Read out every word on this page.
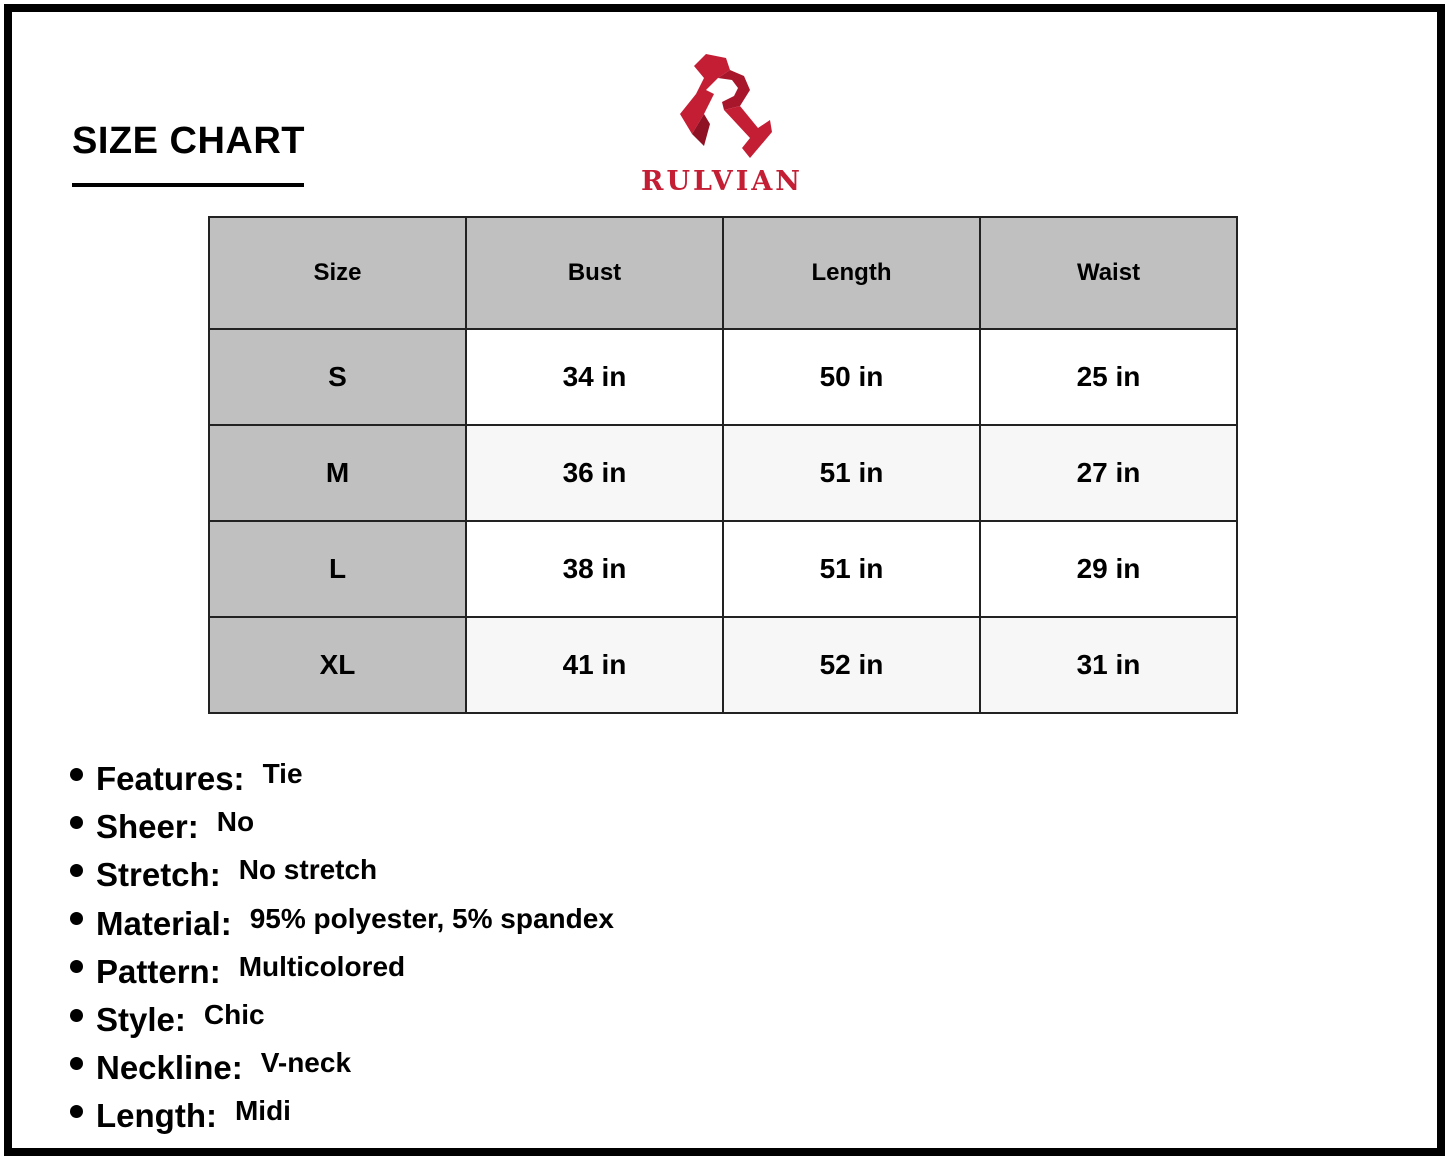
SIZE CHART
RULVIAN
Size	Bust	Length	Waist
S	34 in	50 in	25 in
M	36 in	51 in	27 in
L	38 in	51 in	29 in
XL	41 in	52 in	31 in
Features: Tie
Sheer: No
Stretch: No stretch
Material: 95% polyester, 5% spandex
Pattern: Multicolored
Style: Chic
Neckline: V-neck
Length: Midi
